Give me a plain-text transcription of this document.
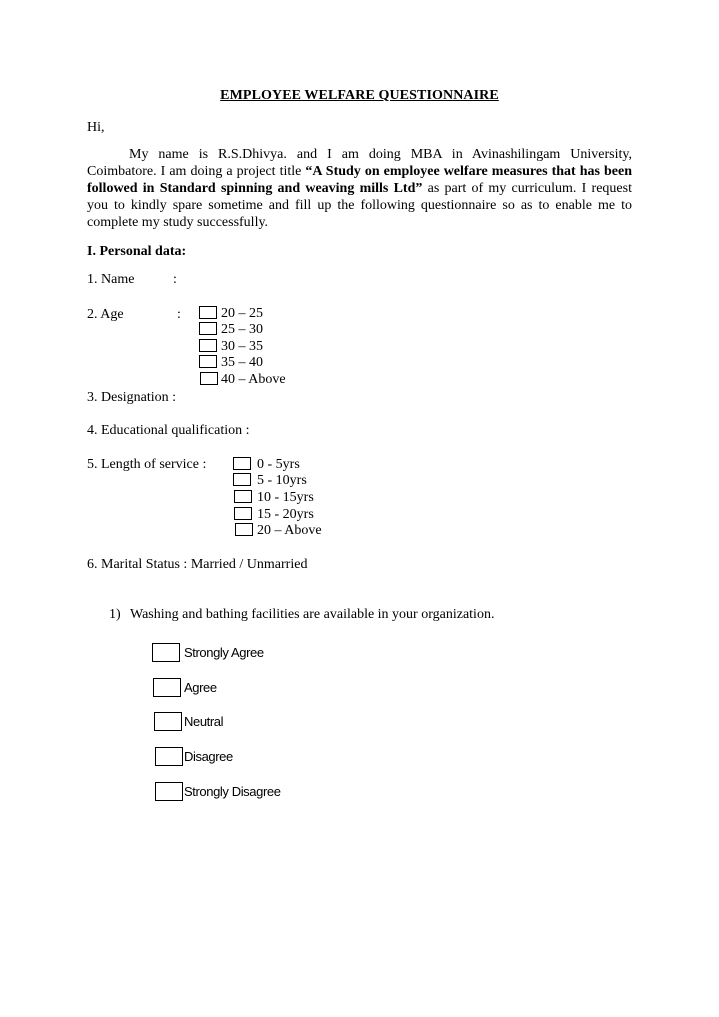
EMPLOYEE WELFARE QUESTIONNAIRE
Hi,
My name is R.S.Dhivya. and I am doing MBA in Avinashilingam University, Coimbatore. I am doing a project title “A Study on employee welfare measures that has been followed in Standard spinning and weaving mills Ltd” as part of my curriculum. I request you to kindly spare sometime and fill up the following questionnaire so as to enable me to complete my study successfully.
I. Personal data:
1. Name	:
2. Age	:	20 – 25
25 – 30
30 – 35
35 – 40
40 – Above
3. Designation :
4. Educational qualification :
5. Length of service :	0 - 5yrs
5 - 10yrs
10 - 15yrs
15 - 20yrs
20 – Above
6. Marital Status : Married / Unmarried
1) Washing and bathing facilities are available in your organization.
Strongly Agree
Agree
Neutral
Disagree
Strongly Disagree
